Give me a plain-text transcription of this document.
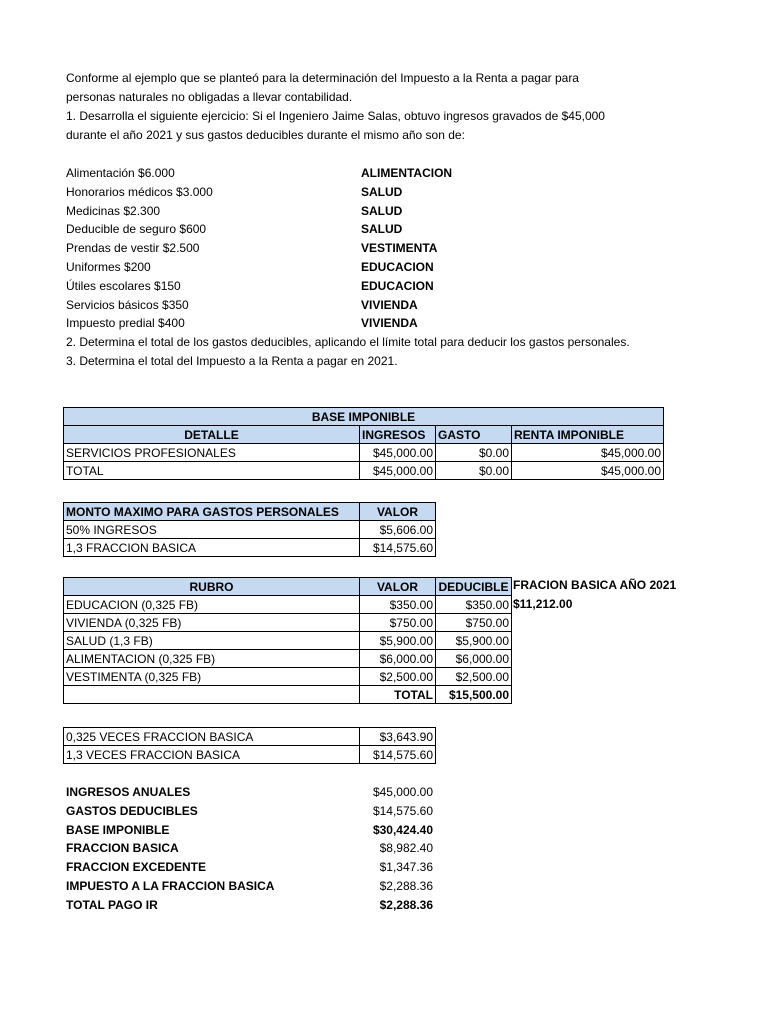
Conforme al ejemplo que se planteó para la determinación del Impuesto a la Renta a pagar para
personas naturales no obligadas a llevar contabilidad.
1. Desarrolla el siguiente ejercicio: Si el Ingeniero Jaime Salas, obtuvo ingresos gravados de $45,000
durante el año 2021 y sus gastos deducibles durante el mismo año son de:
Alimentación $6.000	ALIMENTACION
Honorarios médicos $3.000	SALUD
Medicinas $2.300	SALUD
Deducible de seguro $600	SALUD
Prendas de vestir $2.500	VESTIMENTA
Uniformes $200	EDUCACION
Útiles escolares $150	EDUCACION
Servicios básicos $350	VIVIENDA
Impuesto predial $400	VIVIENDA
2. Determina el total de los gastos deducibles, aplicando el límite total para deducir los gastos personales.
3. Determina el total del Impuesto a la Renta a pagar en 2021.
BASE IMPONIBLE			
DETALLE	INGRESOS	GASTO	RENTA IMPONIBLE
SERVICIOS PROFESIONALES	$45,000.00	$0.00	$45,000.00
TOTAL	$45,000.00	$0.00	$45,000.00
MONTO MAXIMO PARA GASTOS PERSONALES	VALOR
50% INGRESOS	$5,606.00
1,3 FRACCION BASICA	$14,575.60
RUBRO	VALOR	DEDUCIBLE
EDUCACION (0,325 FB)	$350.00	$350.00
VIVIENDA (0,325 FB)	$750.00	$750.00
SALUD (1,3 FB)	$5,900.00	$5,900.00
ALIMENTACION (0,325 FB)	$6,000.00	$6,000.00
VESTIMENTA (0,325 FB)	$2,500.00	$2,500.00
	TOTAL	$15,500.00
FRACION BASICA AÑO 2021
$11,212.00
0,325 VECES FRACCION BASICA	$3,643.90
1,3 VECES FRACCION BASICA	$14,575.60
INGRESOS ANUALES	$45,000.00
GASTOS DEDUCIBLES	$14,575.60
BASE IMPONIBLE	$30,424.40
FRACCION BASICA	$8,982.40
FRACCION EXCEDENTE	$1,347.36
IMPUESTO A LA FRACCION BASICA	$2,288.36
TOTAL PAGO IR	$2,288.36
